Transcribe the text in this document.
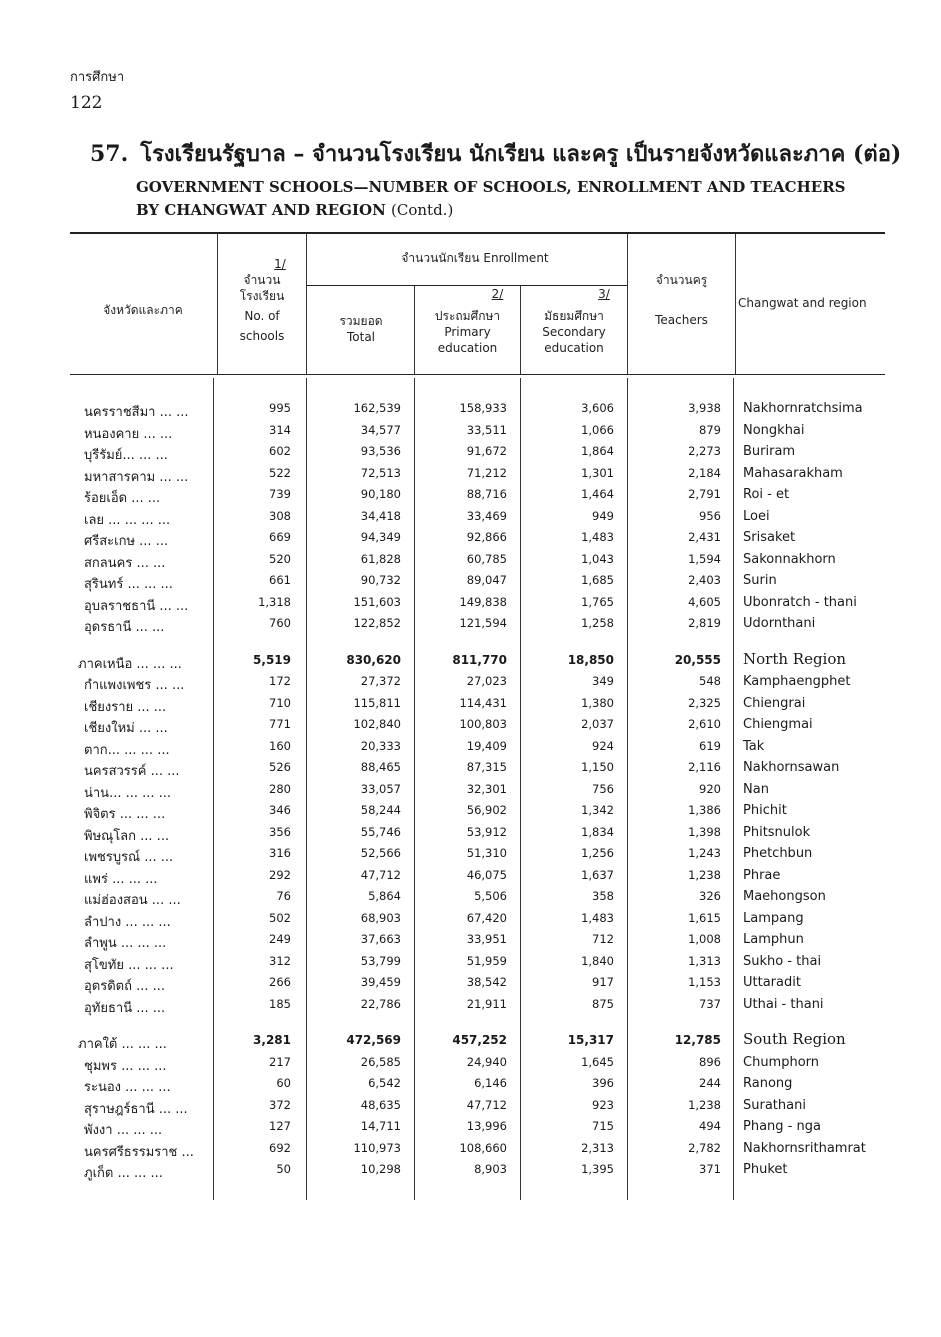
การศึกษา
122
57. โรงเรียนรัฐบาล – จำนวนโรงเรียน นักเรียน และครู เป็นรายจังหวัดและภาค (ต่อ)
GOVERNMENT SCHOOLS—NUMBER OF SCHOOLS, ENROLLMENT AND TEACHERS
BY CHANGWAT AND REGION (Contd.)
จังหวัดและภาค
1/
จำนวน
โรงเรียน
No. of
schools
จำนวนนักเรียน Enrollment
รวมยอด
Total
2/
ประถมศึกษา
Primary
education
3/
มัธยมศึกษา
Secondary
education
จำนวนครู
Teachers
Changwat and region
นครราชสีมา ... ...	995	162,539	158,933	3,606	3,938 Nakhornratchsima
หนองคาย ... ...	314	34,577	33,511	1,066	879 Nongkhai
บุรีรัมย์... ... ...	602	93,536	91,672	1,864	2,273 Buriram
มหาสารคาม ... ...	522	72,513	71,212	1,301	2,184 Mahasarakham
ร้อยเอ็ด ... ...	739	90,180	88,716	1,464	2,791 Roi - et
เลย ... ... ... ...	308	34,418	33,469	949	956 Loei
ศรีสะเกษ ... ...	669	94,349	92,866	1,483	2,431 Srisaket
สกลนคร ... ...	520	61,828	60,785	1,043	1,594 Sakonnakhorn
สุรินทร์ ... ... ...	661	90,732	89,047	1,685	2,403 Surin
อุบลราชธานี ... ...	1,318	151,603	149,838	1,765	4,605 Ubonratch - thani
อุดรธานี ... ...	760	122,852	121,594	1,258	2,819 Udornthani
ภาคเหนือ ... ... ...	5,519	830,620	811,770	18,850	20,555 North Region
กำแพงเพชร ... ...	172	27,372	27,023	349	548 Kamphaengphet
เชียงราย ... ...	710	115,811	114,431	1,380	2,325 Chiengrai
เชียงใหม่ ... ...	771	102,840	100,803	2,037	2,610 Chiengmai
ตาก... ... ... ...	160	20,333	19,409	924	619 Tak
นครสวรรค์ ... ...	526	88,465	87,315	1,150	2,116 Nakhornsawan
น่าน... ... ... ...	280	33,057	32,301	756	920 Nan
พิจิตร ... ... ...	346	58,244	56,902	1,342	1,386 Phichit
พิษณุโลก ... ...	356	55,746	53,912	1,834	1,398 Phitsnulok
เพชรบูรณ์ ... ...	316	52,566	51,310	1,256	1,243 Phetchbun
แพร่ ... ... ...	292	47,712	46,075	1,637	1,238 Phrae
แม่ฮ่องสอน ... ...	76	5,864	5,506	358	326 Maehongson
ลำปาง ... ... ...	502	68,903	67,420	1,483	1,615 Lampang
ลำพูน ... ... ...	249	37,663	33,951	712	1,008 Lamphun
สุโขทัย ... ... ...	312	53,799	51,959	1,840	1,313 Sukho - thai
อุตรดิตถ์ ... ...	266	39,459	38,542	917	1,153 Uttaradit
อุทัยธานี ... ...	185	22,786	21,911	875	737 Uthai - thani
ภาคใต้ ... ... ...	3,281	472,569	457,252	15,317	12,785 South Region
ชุมพร ... ... ...	217	26,585	24,940	1,645	896 Chumphorn
ระนอง ... ... ...	60	6,542	6,146	396	244 Ranong
สุราษฎร์ธานี ... ...	372	48,635	47,712	923	1,238 Surathani
พังงา ... ... ...	127	14,711	13,996	715	494 Phang - nga
นครศรีธรรมราช ...	692	110,973	108,660	2,313	2,782 Nakhornsrithamrat
ภูเก็ต ... ... ...	50	10,298	8,903	1,395	371 Phuket
